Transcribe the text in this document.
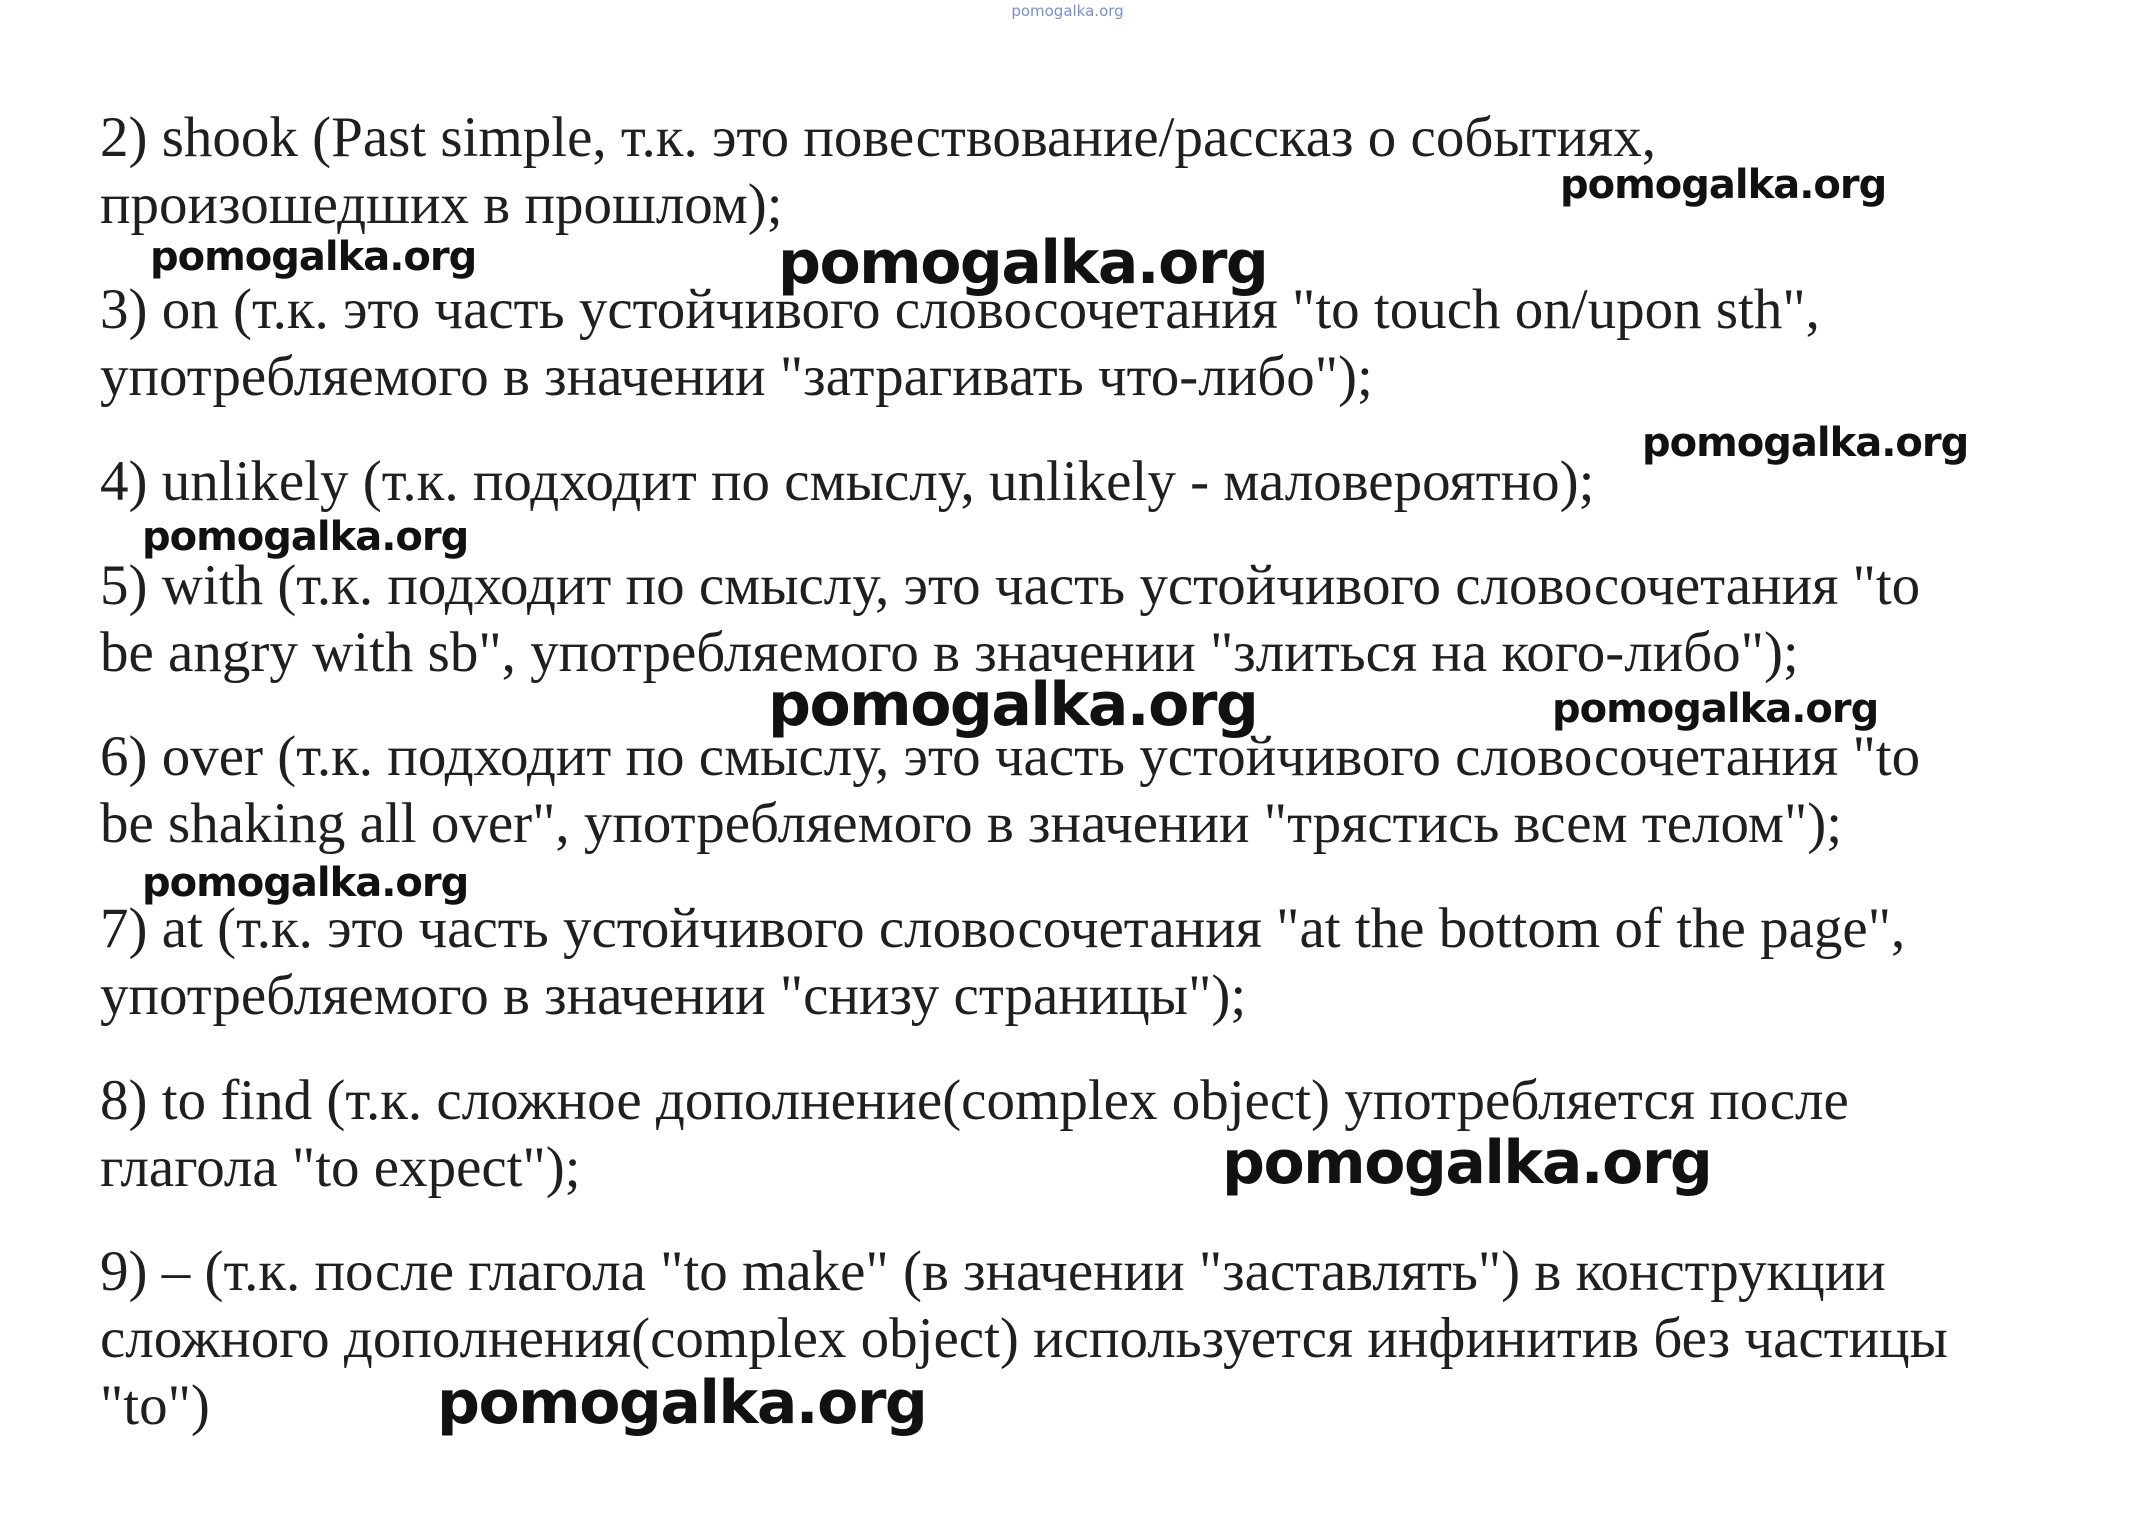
pomogalka.org

2) shook (Past simple, т.к. это повествование/рассказ о событиях,
произошедших в прошлом);

3) on (т.к. это часть устойчивого словосочетания "to touch on/upon sth",
употребляемого в значении "затрагивать что-либо");

4) unlikely (т.к. подходит по смыслу, unlikely - маловероятно);

5) with (т.к. подходит по смыслу, это часть устойчивого словосочетания "to
be angry with sb", употребляемого в значении "злиться на кого-либо");

6) over (т.к. подходит по смыслу, это часть устойчивого словосочетания "to
be shaking all over", употребляемого в значении "трястись всем телом");

7) at (т.к. это часть устойчивого словосочетания "at the bottom of the page",
употребляемого в значении "снизу страницы");

8) to find (т.к. сложное дополнение(complex object) употребляется после
глагола "to expect");

9) – (т.к. после глагола "to make" (в значении "заставлять") в конструкции
сложного дополнения(complex object) используется инфинитив без частицы
"to")

pomogalka.org
pomogalka.org	pomogalka.org
pomogalka.org
pomogalka.org
pomogalka.org	pomogalka.org
pomogalka.org
pomogalka.org
pomogalka.org
